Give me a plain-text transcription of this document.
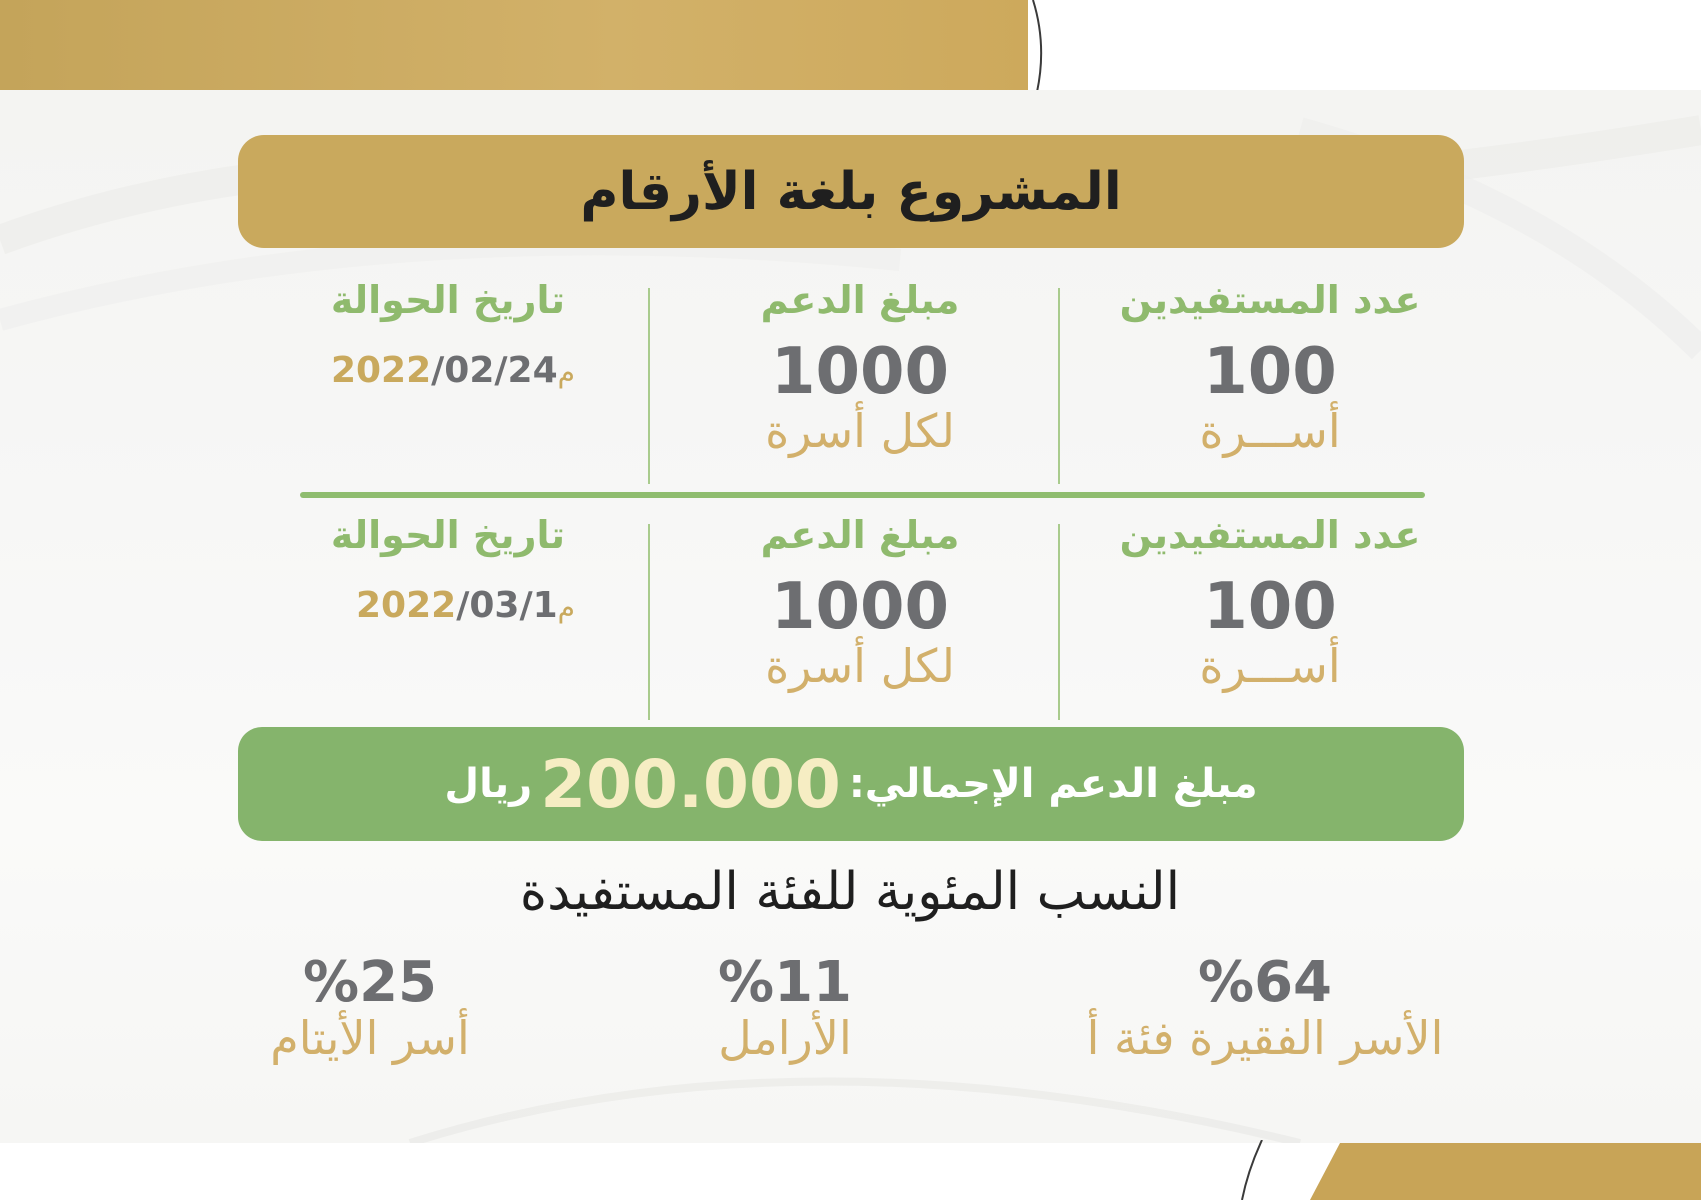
المشروع بلغة الأرقام
عدد المستفيدين
100
أســـرة
مبلغ الدعم
1000
لكل أسرة
تاريخ الحوالة
م2022/02/24
عدد المستفيدين
100
أســـرة
مبلغ الدعم
1000
لكل أسرة
تاريخ الحوالة
م2022/03/1
مبلغ الدعم الإجمالي:
200.000
ريال
النسب المئوية للفئة المستفيدة
%64
الأسر الفقيرة فئة أ
%11
الأرامل
%25
أسر الأيتام
